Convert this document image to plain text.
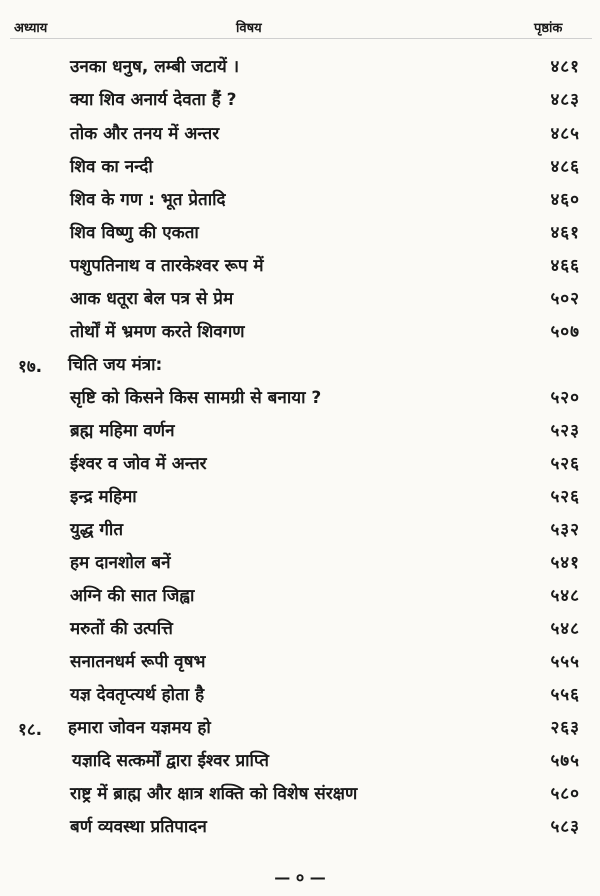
अध्याय	विषय	पृष्ठांक
उनका धनुष, लम्बी जटायें ।	४८१
क्या शिव अनार्य देवता हैं ?	४८३
तोक और तनय में अन्तर	४८५
शिव का नन्दी	४८६
शिव के गण : भूत प्रेतादि	४६०
शिव विष्णु की एकता	४६१
पशुपतिनाथ व तारकेश्वर रूप में	४६६
आक धतूरा बेल पत्र से प्रेम	५०२
तोर्थों में भ्रमण करते शिवगण	५०७
१७. चिति जय मंत्रा:
सृष्टि को किसने किस सामग्री से बनाया ?	५२०
ब्रह्म महिमा वर्णन	५२३
ईश्वर व जोव में अन्तर	५२६
इन्द्र महिमा	५२६
युद्ध गीत	५३२
हम दानशोल बनें	५४१
अग्नि की सात जिह्वा	५४८
मरुतों की उत्पत्ति	५४८
सनातनधर्म रूपी वृषभ	५५५
यज्ञ देवतृप्त्यर्थ होता है	५५६
१८. हमारा जोवन यज्ञमय हो	२६३
यज्ञादि सत्कर्मों द्वारा ईश्वर प्राप्ति	५७५
राष्ट्र में ब्राह्म और क्षात्र शक्ति को विशेष संरक्षण	५८०
बर्ण व्यवस्था प्रतिपादन	५८३
— ० —
